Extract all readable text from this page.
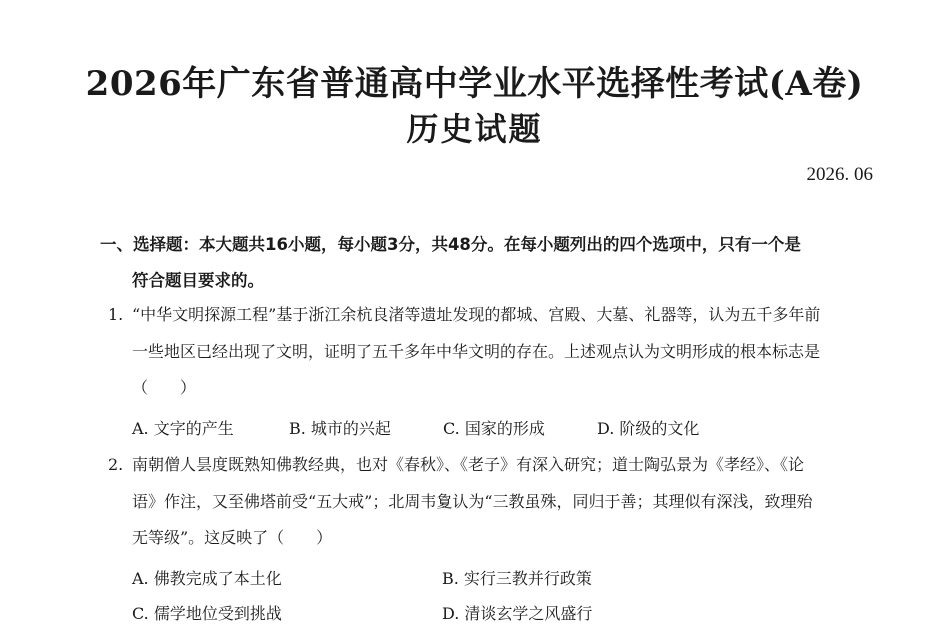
2026年广东省普通高中学业水平选择性考试(A卷)
历史试题
2026. 06
一、选择题：本大题共16小题，每小题3分，共48分。在每小题列出的四个选项中，只有一个是
符合题目要求的。
1. “中华文明探源工程”基于浙江余杭良渚等遗址发现的都城、宫殿、大墓、礼器等，认为五千多年前
一些地区已经出现了文明，证明了五千多年中华文明的存在。上述观点认为文明形成的根本标志是
（　　）
A. 文字的产生	B. 城市的兴起	C. 国家的形成	D. 阶级的文化
2. 南朝僧人昙度既熟知佛教经典，也对《春秋》、《老子》有深入研究；道士陶弘景为《孝经》、《论
语》作注，又至佛塔前受“五大戒”；北周韦夐认为“三教虽殊，同归于善；其理似有深浅，致理殆
无等级”。这反映了（　　）
A. 佛教完成了本土化	B. 实行三教并行政策
C. 儒学地位受到挑战	D. 清谈玄学之风盛行
